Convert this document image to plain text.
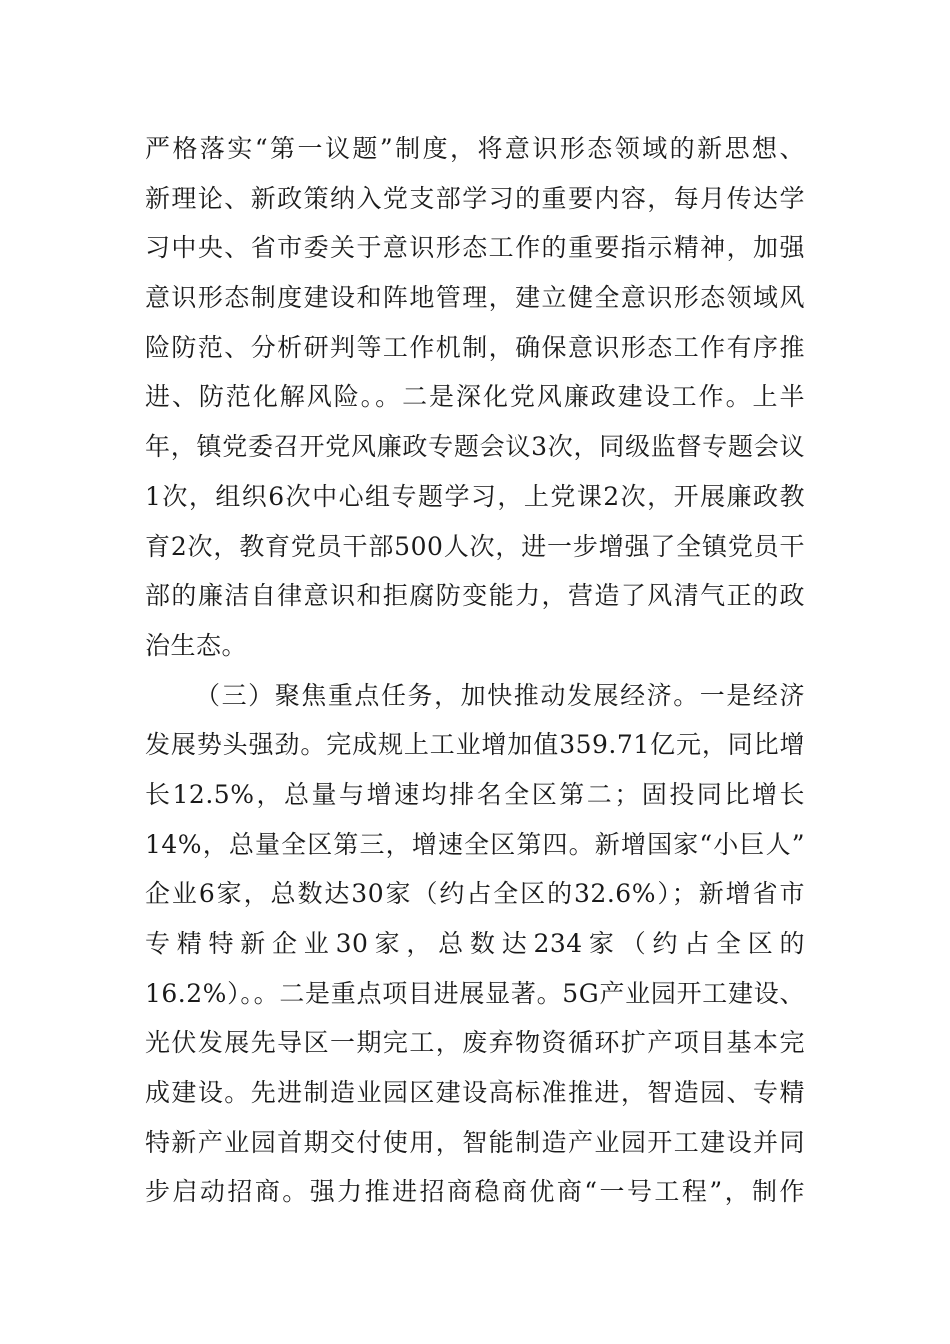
严格落实“第一议题”制度，将意识形态领域的新思想、
新理论、新政策纳入党支部学习的重要内容，每月传达学
习中央、省市委关于意识形态工作的重要指示精神，加强
意识形态制度建设和阵地管理，建立健全意识形态领域风
险防范、分析研判等工作机制，确保意识形态工作有序推
进、防范化解风险。。二是深化党风廉政建设工作。上半
年，镇党委召开党风廉政专题会议3次，同级监督专题会议
1次，组织6次中心组专题学习，上党课2次，开展廉政教
育2次，教育党员干部500人次，进一步增强了全镇党员干
部的廉洁自律意识和拒腐防变能力，营造了风清气正的政
治生态。
（三）聚焦重点任务，加快推动发展经济。一是经济
发展势头强劲。完成规上工业增加值359.71亿元，同比增
长12.5%，总量与增速均排名全区第二；固投同比增长
14%，总量全区第三，增速全区第四。新增国家“小巨人”
企业6家，总数达30家（约占全区的32.6%）；新增省市
专精特新企业30家，总数达234家（约占全区的
16.2%）。。二是重点项目进展显著。5G产业园开工建设、
光伏发展先导区一期完工，废弃物资循环扩产项目基本完
成建设。先进制造业园区建设高标准推进，智造园、专精
特新产业园首期交付使用，智能制造产业园开工建设并同
步启动招商。强力推进招商稳商优商“一号工程”，制作
